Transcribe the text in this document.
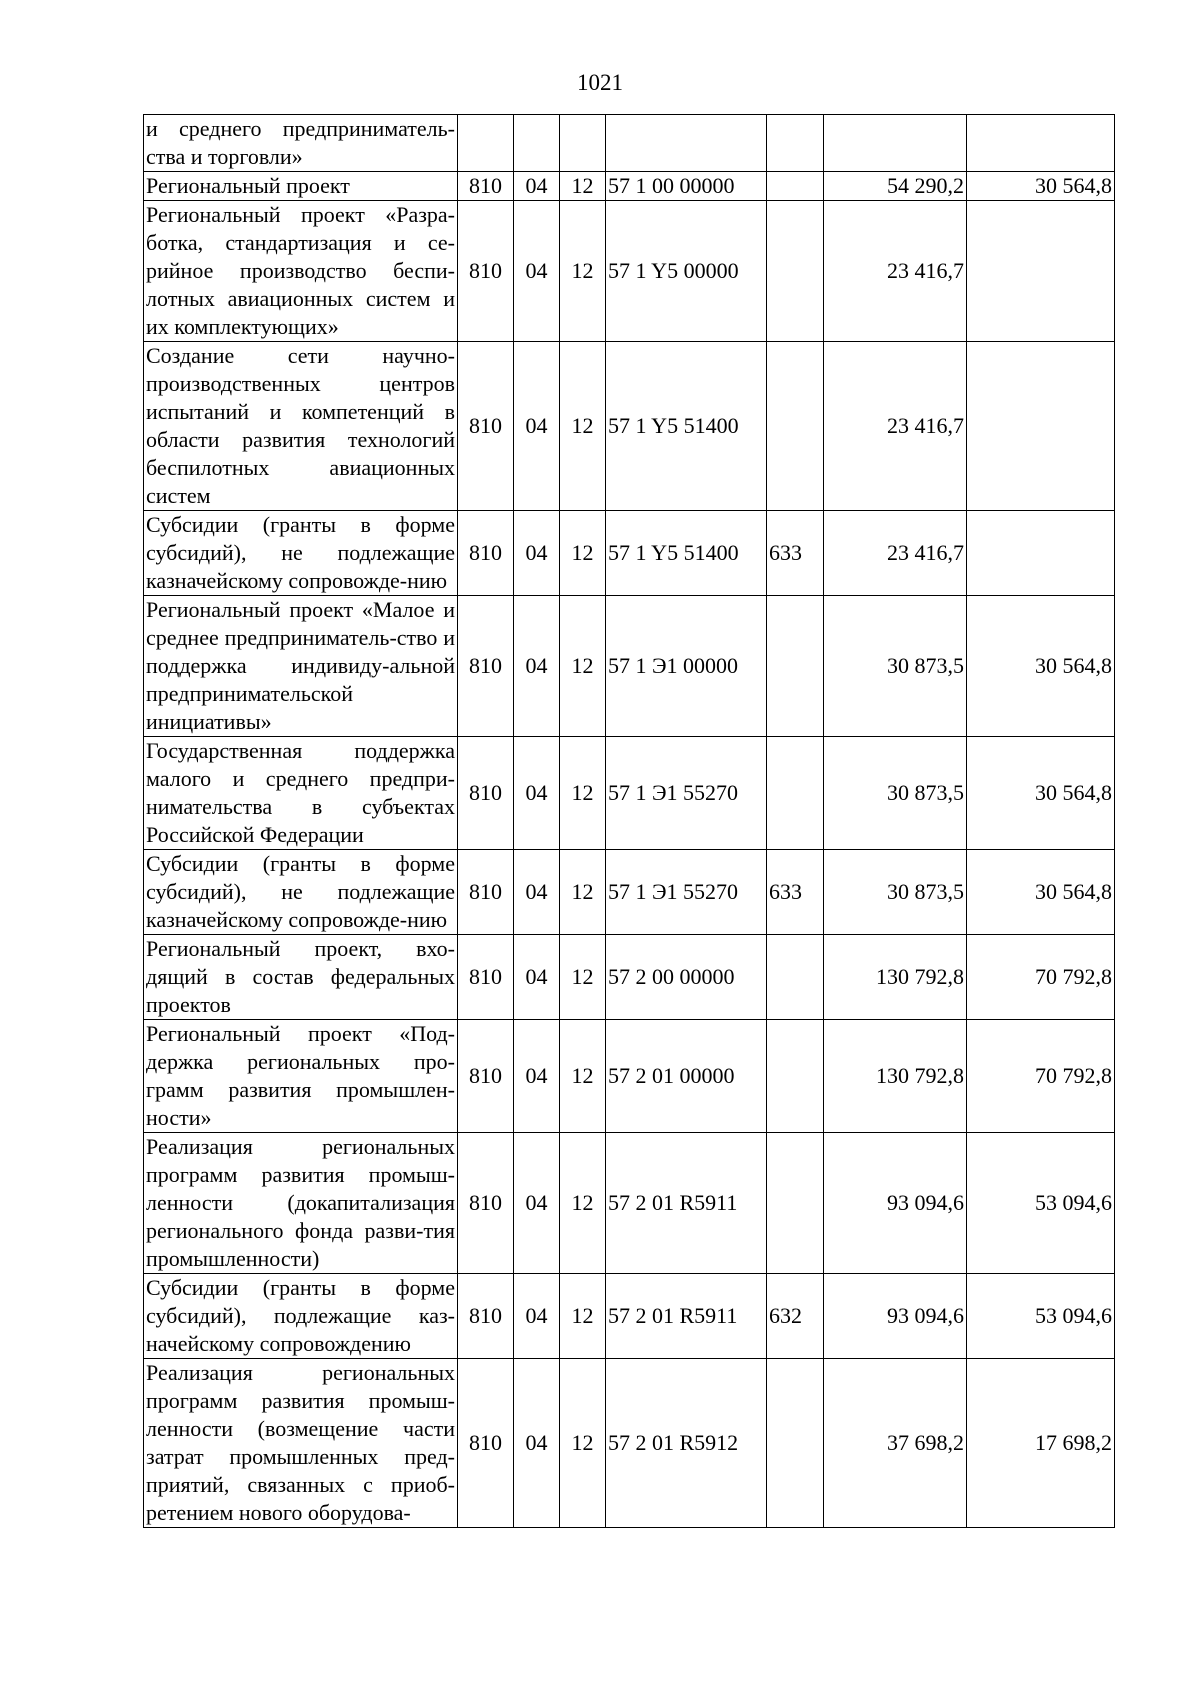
1021
и среднего предприниматель-ства и торговли»							
Региональный проект	810	04	12	57 1 00 00000		54 290,2	30 564,8
Региональный проект «Разра-ботка, стандартизация и се-рийное производство беспи-лотных авиационных систем и их комплектующих»	810	04	12	57 1 Y5 00000		23 416,7	
Создание сети научно-производственных центров испытаний и компетенций в области развития технологий беспилотных авиационных систем	810	04	12	57 1 Y5 51400		23 416,7	
Субсидии (гранты в форме субсидий), не подлежащие казначейскому сопровожде-нию	810	04	12	57 1 Y5 51400	633	23 416,7	
Региональный проект «Малое и среднее предприниматель-ство и поддержка индивиду-альной предпринимательской инициативы»	810	04	12	57 1 Э1 00000		30 873,5	30 564,8
Государственная поддержка малого и среднего предпри-нимательства в субъектах Российской Федерации	810	04	12	57 1 Э1 55270		30 873,5	30 564,8
Субсидии (гранты в форме субсидий), не подлежащие казначейскому сопровожде-нию	810	04	12	57 1 Э1 55270	633	30 873,5	30 564,8
Региональный проект, вхо-дящий в состав федеральных проектов	810	04	12	57 2 00 00000		130 792,8	70 792,8
Региональный проект «Под-держка региональных про-грамм развития промышлен-ности»	810	04	12	57 2 01 00000		130 792,8	70 792,8
Реализация региональных программ развития промыш-ленности (докапитализация регионального фонда разви-тия промышленности)	810	04	12	57 2 01 R5911		93 094,6	53 094,6
Субсидии (гранты в форме субсидий), подлежащие каз-начейскому сопровождению	810	04	12	57 2 01 R5911	632	93 094,6	53 094,6
Реализация региональных программ развития промыш-ленности (возмещение части затрат промышленных пред-приятий, связанных с приоб-ретением нового оборудова-	810	04	12	57 2 01 R5912		37 698,2	17 698,2
